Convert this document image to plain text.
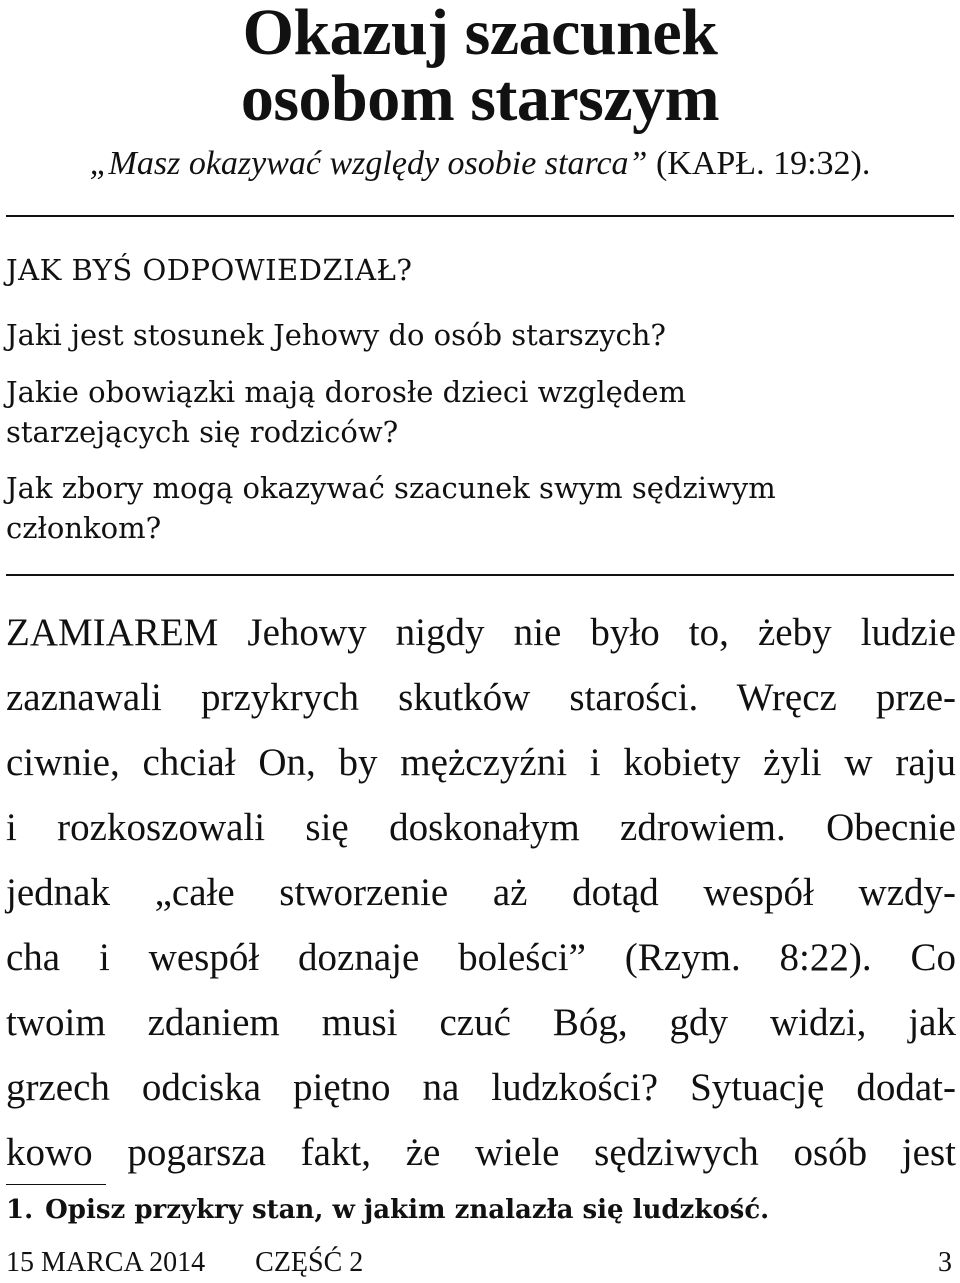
Okazuj szacunek
osobom starszym
„Masz okazywać względy osobie starca” (KAPŁ. 19:32).
JAK BYŚ ODPOWIEDZIAŁ?
Jaki jest stosunek Jehowy do osób starszych?
Jakie obowiązki mają dorosłe dzieci względem
starzejących się rodziców?
Jak zbory mogą okazywać szacunek swym sędziwym
członkom?
ZAMIAREM Jehowy nigdy nie było to, żeby ludzie
zaznawali przykrych skutków starości. Wręcz prze-
ciwnie, chciał On, by mężczyźni i kobiety żyli w raju
i rozkoszowali się doskonałym zdrowiem. Obecnie
jednak „całe stworzenie aż dotąd wespół wzdy-
cha i wespół doznaje boleści” (Rzym. 8:22). Co
twoim zdaniem musi czuć Bóg, gdy widzi, jak
grzech odciska piętno na ludzkości? Sytuację dodat-
kowo pogarsza fakt, że wiele sędziwych osób jest
1. Opisz przykry stan, w jakim znalazła się ludzkość.
15 MARCA 2014 CZĘŚĆ 2	3
